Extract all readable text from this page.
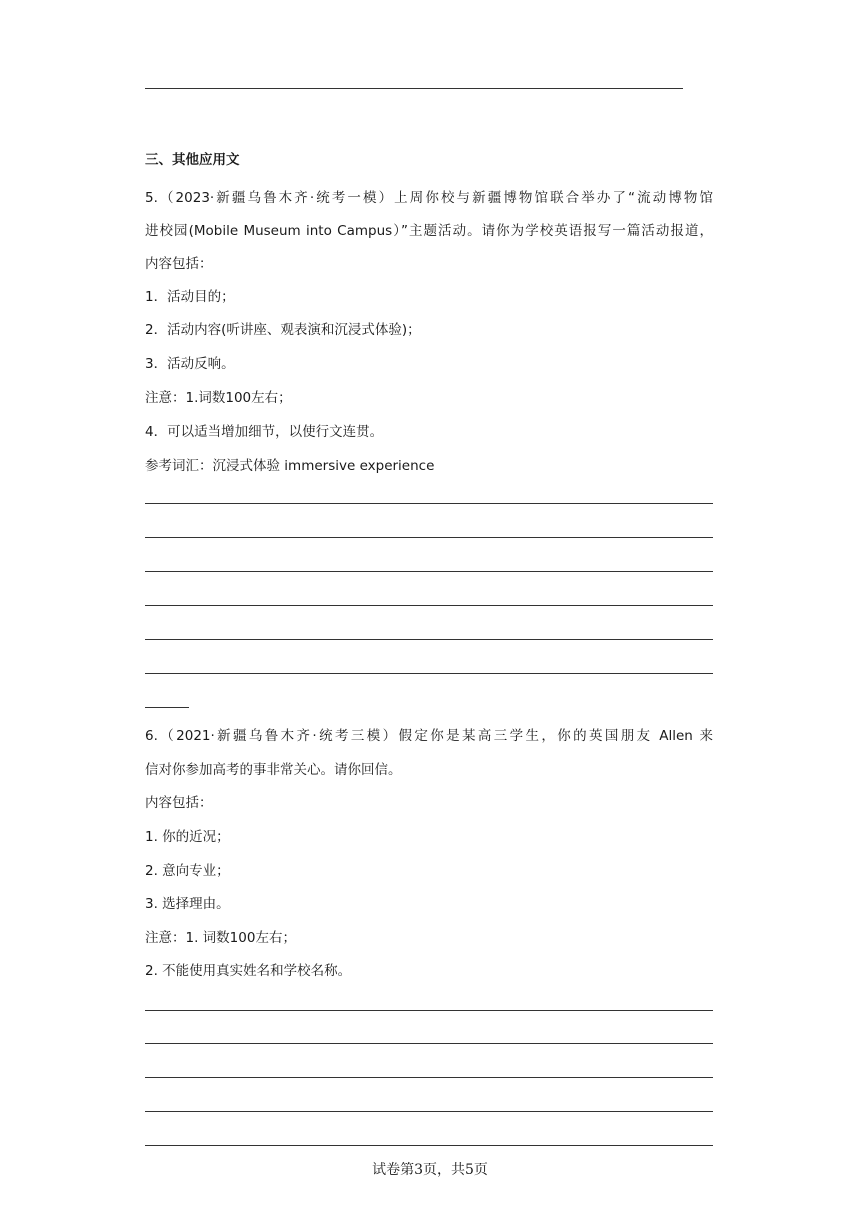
三、其他应用文
5.（2023·新疆乌鲁木齐·统考一模）上周你校与新疆博物馆联合举办了“流动博物馆
进校园(Mobile Museum into Campus）”主题活动。请你为学校英语报写一篇活动报道，
内容包括：
1．活动目的；
2．活动内容(听讲座、观表演和沉浸式体验)；
3．活动反响。
注意：1.词数100左右；
4．可以适当增加细节，以使行文连贯。
参考词汇：沉浸式体验 immersive experience
6.（2021·新疆乌鲁木齐·统考三模）假定你是某高三学生，你的英国朋友 Allen 来
信对你参加高考的事非常关心。请你回信。
内容包括：
1. 你的近况；
2. 意向专业；
3. 选择理由。
注意：1. 词数100左右；
2. 不能使用真实姓名和学校名称。
试卷第3页，共5页
